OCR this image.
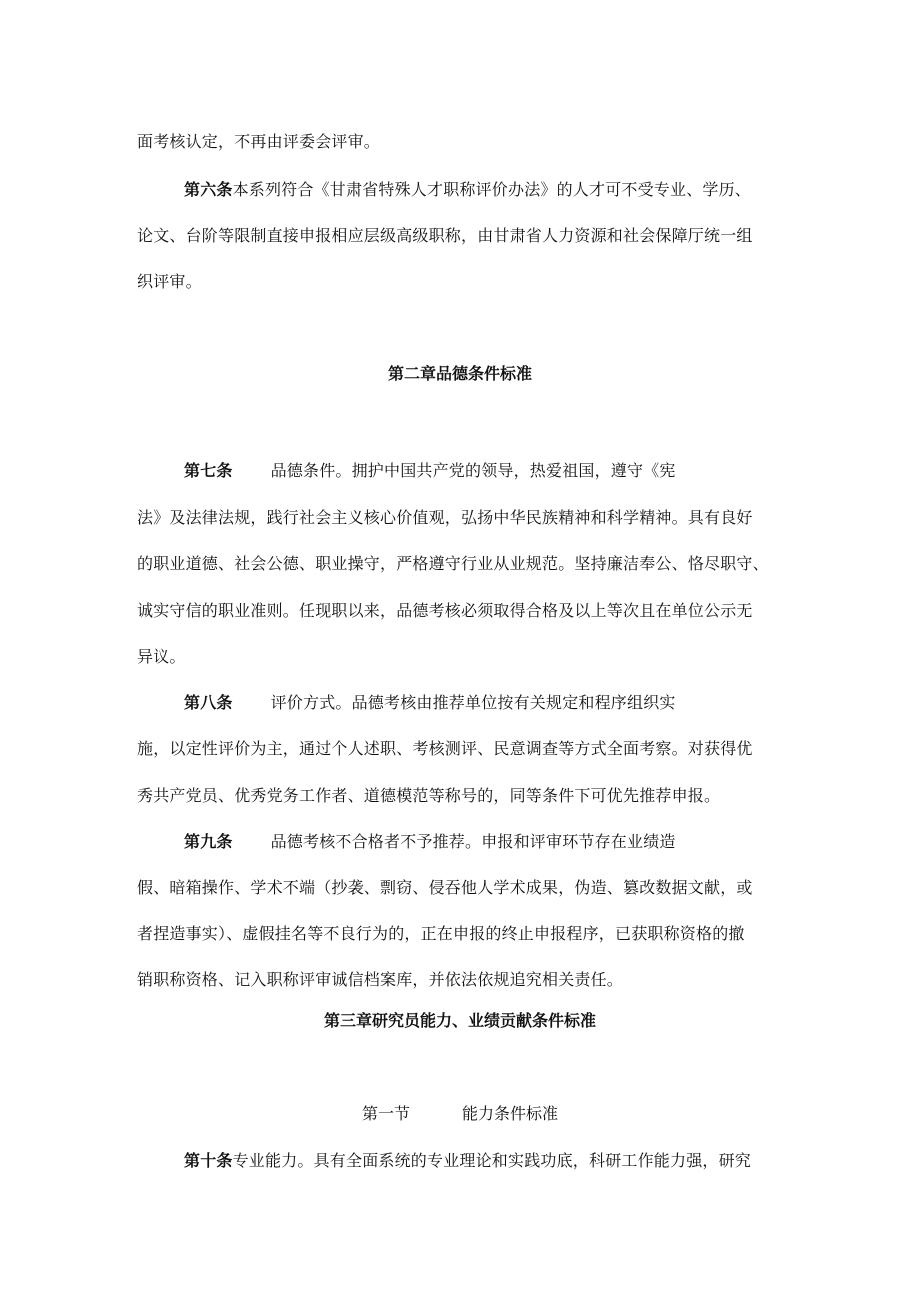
面考核认定，不再由评委会评审。
第六条本系列符合《甘肃省特殊人才职称评价办法》的人才可不受专业、学历、
论文、台阶等限制直接申报相应层级高级职称，由甘肃省人力资源和社会保障厅统一组
织评审。
第二章品德条件标准
第七条 品德条件。拥护中国共产党的领导，热爱祖国，遵守《宪
法》及法律法规，践行社会主义核心价值观，弘扬中华民族精神和科学精神。具有良好
的职业道德、社会公德、职业操守，严格遵守行业从业规范。坚持廉洁奉公、恪尽职守、
诚实守信的职业准则。任现职以来，品德考核必须取得合格及以上等次且在单位公示无
异议。
第八条 评价方式。品德考核由推荐单位按有关规定和程序组织实
施，以定性评价为主，通过个人述职、考核测评、民意调查等方式全面考察。对获得优
秀共产党员、优秀党务工作者、道德模范等称号的，同等条件下可优先推荐申报。
第九条 品德考核不合格者不予推荐。申报和评审环节存在业绩造
假、暗箱操作、学术不端（抄袭、剽窃、侵吞他人学术成果，伪造、篡改数据文献，或
者捏造事实）、虚假挂名等不良行为的，正在申报的终止申报程序，已获职称资格的撤
销职称资格、记入职称评审诚信档案库，并依法依规追究相关责任。
第三章研究员能力、业绩贡献条件标准
第一节	能力条件标准
第十条专业能力。具有全面系统的专业理论和实践功底，科研工作能力强，研究
